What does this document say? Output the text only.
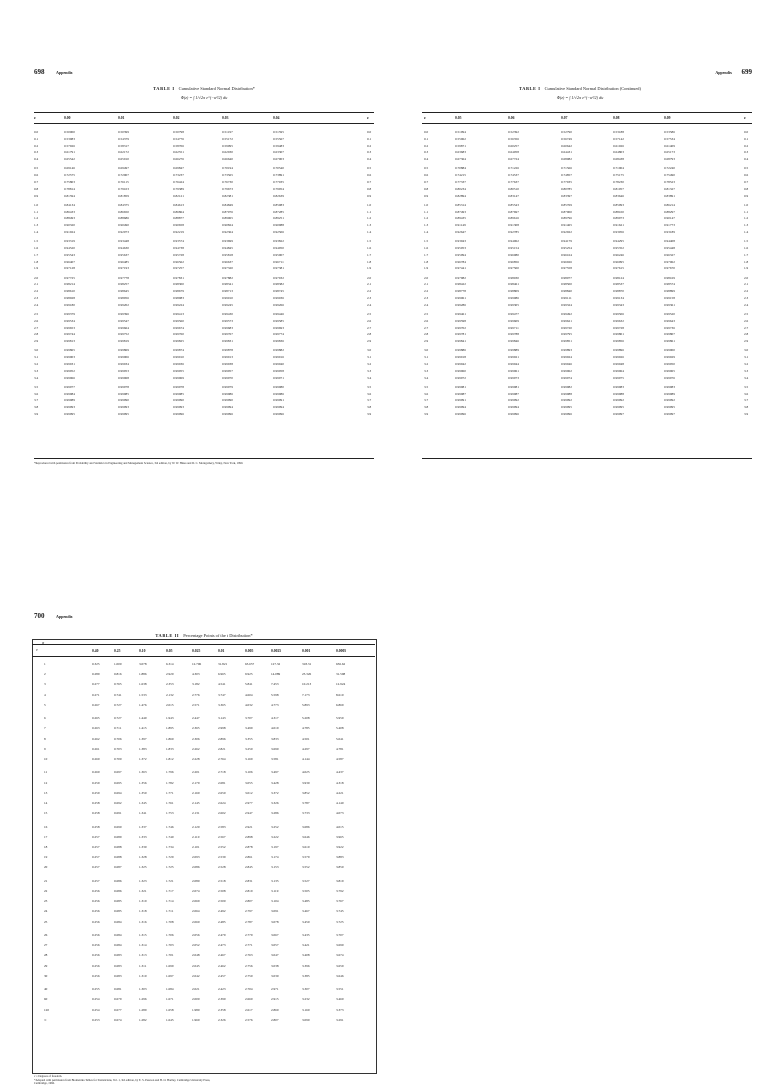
698	Appendix
TABLE I Cumulative Standard Normal Distribution*
Φ(z) = ∫ 1/√2π e^(−u²/2) du
z	0.00	0.01	0.02	0.03	0.04	z
0.0	0.50000	0.50399	0.50798	0.51197	0.51595	0.0
0.1	0.53983	0.54379	0.54776	0.55172	0.55567	0.1
0.2	0.57926	0.58317	0.58706	0.59095	0.59483	0.2
0.3	0.61791	0.62172	0.62551	0.62930	0.63307	0.3
0.4	0.65542	0.65910	0.66276	0.66640	0.67003	0.4
0.5	0.69146	0.69497	0.69847	0.70194	0.70540	0.5
0.6	0.72575	0.72907	0.73237	0.73565	0.73891	0.6
0.7	0.75803	0.76115	0.76424	0.76730	0.77035	0.7
0.8	0.78814	0.79103	0.79389	0.79673	0.79954	0.8
0.9	0.81594	0.81859	0.82121	0.82381	0.82639	0.9
1.0	0.84134	0.84375	0.84613	0.84849	0.85083	1.0
1.1	0.86433	0.86650	0.86864	0.87076	0.87285	1.1
1.2	0.88493	0.88686	0.88877	0.89065	0.89251	1.2
1.3	0.90320	0.90490	0.90658	0.90824	0.90988	1.3
1.4	0.91924	0.92073	0.92219	0.92364	0.92506	1.4
1.5	0.93319	0.93448	0.93574	0.93699	0.93822	1.5
1.6	0.94520	0.94630	0.94738	0.94845	0.94950	1.6
1.7	0.95543	0.95637	0.95728	0.95818	0.95907	1.7
1.8	0.96407	0.96485	0.96562	0.96637	0.96711	1.8
1.9	0.97128	0.97193	0.97257	0.97320	0.97381	1.9
2.0	0.97725	0.97778	0.97831	0.97882	0.97932	2.0
2.1	0.98214	0.98257	0.98300	0.98341	0.98382	2.1
2.2	0.98610	0.98645	0.98679	0.98713	0.98745	2.2
2.3	0.98928	0.98956	0.98983	0.99010	0.99036	2.3
2.4	0.99180	0.99202	0.99224	0.99245	0.99266	2.4
2.5	0.99379	0.99396	0.99413	0.99430	0.99446	2.5
2.6	0.99534	0.99547	0.99560	0.99573	0.99585	2.6
2.7	0.99653	0.99664	0.99674	0.99683	0.99693	2.7
2.8	0.99744	0.99752	0.99760	0.99767	0.99774	2.8
2.9	0.99813	0.99819	0.99825	0.99831	0.99836	2.9
3.0	0.99865	0.99869	0.99874	0.99878	0.99882	3.0
3.1	0.99903	0.99906	0.99910	0.99913	0.99916	3.1
3.2	0.99931	0.99934	0.99936	0.99938	0.99940	3.2
3.3	0.99952	0.99953	0.99955	0.99957	0.99958	3.3
3.4	0.99966	0.99968	0.99969	0.99970	0.99971	3.4
3.5	0.99977	0.99978	0.99978	0.99979	0.99980	3.5
3.6	0.99984	0.99985	0.99985	0.99986	0.99986	3.6
3.7	0.99989	0.99990	0.99990	0.99990	0.99991	3.7
3.8	0.99993	0.99993	0.99993	0.99994	0.99994	3.8
3.9	0.99995	0.99995	0.99996	0.99996	0.99996	3.9
*Reproduced with permission from Probability and Statistics in Engineering and Management Science, 3rd edition, by W. W. Hines and D. C. Montgomery, Wiley, New York, 1990.
Appendix 699
TABLE I Cumulative Standard Normal Distribution (Continued)
Φ(z) = ∫ 1/√2π e^(−u²/2) du
z	0.05	0.06	0.07	0.08	0.09	z
0.0	0.51994	0.52392	0.52790	0.53188	0.53586	0.0
0.1	0.55962	0.56356	0.56749	0.57142	0.57534	0.1
0.2	0.59871	0.60257	0.60642	0.61026	0.61409	0.2
0.3	0.63683	0.64058	0.64431	0.64803	0.65173	0.3
0.4	0.67364	0.67724	0.68082	0.68438	0.68793	0.4
0.5	0.70884	0.71226	0.71566	0.71904	0.72240	0.5
0.6	0.74215	0.74537	0.74857	0.75175	0.75490	0.6
0.7	0.77337	0.77637	0.77935	0.78230	0.78523	0.7
0.8	0.80234	0.80510	0.80785	0.81057	0.81327	0.8
0.9	0.82894	0.83147	0.83397	0.83646	0.83891	0.9
1.0	0.85314	0.85543	0.85769	0.85993	0.86214	1.0
1.1	0.87493	0.87697	0.87900	0.88100	0.88297	1.1
1.2	0.89435	0.89616	0.89796	0.89973	0.90147	1.2
1.3	0.91149	0.91308	0.91465	0.91621	0.91773	1.3
1.4	0.92647	0.92785	0.92922	0.93056	0.93189	1.4
1.5	0.93943	0.94062	0.94179	0.94295	0.94408	1.5
1.6	0.95053	0.95154	0.95254	0.95352	0.95448	1.6
1.7	0.95994	0.96080	0.96164	0.96246	0.96327	1.7
1.8	0.96784	0.96856	0.96926	0.96995	0.97062	1.8
1.9	0.97441	0.97500	0.97558	0.97615	0.97670	1.9
2.0	0.97982	0.98030	0.98077	0.98124	0.98169	2.0
2.1	0.98422	0.98461	0.98500	0.98537	0.98574	2.1
2.2	0.98778	0.98809	0.98840	0.98870	0.98899	2.2
2.3	0.99061	0.99086	0.99111	0.99134	0.99158	2.3
2.4	0.99286	0.99305	0.99324	0.99343	0.99361	2.4
2.5	0.99461	0.99477	0.99492	0.99506	0.99520	2.5
2.6	0.99598	0.99609	0.99621	0.99632	0.99643	2.6
2.7	0.99702	0.99711	0.99720	0.99728	0.99736	2.7
2.8	0.99781	0.99788	0.99795	0.99801	0.99807	2.8
2.9	0.99841	0.99846	0.99851	0.99856	0.99861	2.9
3.0	0.99886	0.99889	0.99893	0.99896	0.99900	3.0
3.1	0.99918	0.99921	0.99924	0.99926	0.99929	3.1
3.2	0.99942	0.99944	0.99946	0.99948	0.99950	3.2
3.3	0.99960	0.99961	0.99962	0.99964	0.99965	3.3
3.4	0.99972	0.99973	0.99974	0.99975	0.99976	3.4
3.5	0.99981	0.99981	0.99982	0.99983	0.99983	3.5
3.6	0.99987	0.99987	0.99988	0.99988	0.99989	3.6
3.7	0.99991	0.99992	0.99992	0.99992	0.99992	3.7
3.8	0.99994	0.99994	0.99995	0.99995	0.99995	3.8
3.9	0.99996	0.99996	0.99996	0.99997	0.99997	3.9
700	Appendix
TABLE II Percentage Points of the t Distribution*
α
ν	0.40	0.25	0.10	0.05	0.025	0.01	0.005	0.0025	0.001	0.0005
1	0.325	1.000	3.078	6.314	12.706	31.821	63.657	127.32	318.31	636.62
2	0.289	0.816	1.886	2.920	4.303	6.965	9.925	14.089	23.326	31.598
3	0.277	0.765	1.638	2.353	3.182	4.541	5.841	7.453	10.213	12.924
4	0.271	0.741	1.533	2.132	2.776	3.747	4.604	5.598	7.173	8.610
5	0.267	0.727	1.476	2.015	2.571	3.365	4.032	4.773	5.893	6.869
6	0.265	0.727	1.440	1.943	2.447	3.143	3.707	4.317	5.208	5.959
7	0.263	0.711	1.415	1.895	2.365	2.998	3.499	4.019	4.785	5.408
8	0.262	0.706	1.397	1.860	2.306	2.896	3.355	3.833	4.501	5.041
9	0.261	0.703	1.383	1.833	2.262	2.821	3.250	3.690	4.297	4.781
10	0.260	0.700	1.372	1.812	2.228	2.764	3.169	3.581	4.144	4.587
11	0.260	0.697	1.363	1.796	2.201	2.718	3.106	3.497	4.025	4.437
12	0.259	0.695	1.356	1.782	2.179	2.681	3.055	3.428	3.930	4.318
13	0.259	0.694	1.350	1.771	2.160	2.650	3.012	3.372	3.852	4.221
14	0.258	0.692	1.345	1.761	2.145	2.624	2.977	3.326	3.787	4.140
15	0.258	0.691	1.341	1.753	2.131	2.602	2.947	3.286	3.733	4.073
16	0.258	0.690	1.337	1.746	2.120	2.583	2.921	3.252	3.686	4.015
17	0.257	0.689	1.333	1.740	2.110	2.567	2.898	3.222	3.646	3.965
18	0.257	0.688	1.330	1.734	2.101	2.552	2.878	3.197	3.610	3.922
19	0.257	0.688	1.328	1.729	2.093	2.539	2.861	3.174	3.579	3.883
20	0.257	0.687	1.325	1.725	2.086	2.528	2.845	3.153	3.552	3.850
21	0.257	0.686	1.323	1.721	2.080	2.518	2.831	3.135	3.527	3.819
22	0.256	0.686	1.321	1.717	2.074	2.508	2.819	3.119	3.505	3.792
23	0.256	0.685	1.319	1.714	2.069	2.500	2.807	3.104	3.485	3.767
24	0.256	0.685	1.318	1.711	2.064	2.492	2.797	3.091	3.467	3.745
25	0.256	0.684	1.316	1.708	2.060	2.485	2.787	3.078	3.450	3.725
26	0.256	0.684	1.315	1.706	2.056	2.479	2.779	3.067	3.435	3.707
27	0.256	0.684	1.314	1.703	2.052	2.473	2.771	3.057	3.421	3.690
28	0.256	0.683	1.313	1.701	2.048	2.467	2.763	3.047	3.408	3.674
29	0.256	0.683	1.311	1.699	2.045	2.462	2.756	3.038	3.396	3.659
30	0.256	0.683	1.310	1.697	2.042	2.457	2.750	3.030	3.385	3.646
40	0.255	0.681	1.303	1.684	2.021	2.423	2.704	2.971	3.307	3.551
60	0.254	0.679	1.296	1.671	2.000	2.390	2.660	2.915	3.232	3.460
120	0.254	0.677	1.289	1.658	1.980	2.358	2.617	2.860	3.160	3.373
∞	0.253	0.674	1.282	1.645	1.960	2.326	2.576	2.807	3.090	3.291
ν = Degrees of freedom.
*Adapted with permission from Biometrika Tables for Statisticians, Vol. 1, 3rd edition, by E. S. Pearson and H. O. Hartley, Cambridge University Press,
Cambridge, 1966.
